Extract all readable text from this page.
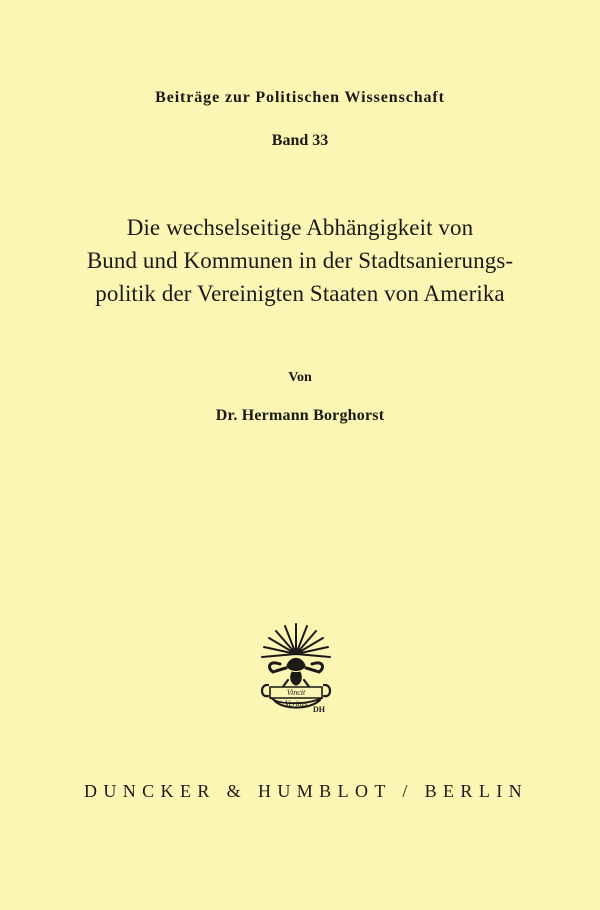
Beiträge zur Politischen Wissenschaft
Band 33
Die wechselseitige Abhängigkeit von
Bund und Kommunen in der Stadtsanierungs-
politik der Vereinigten Staaten von Amerika
Von
Dr. Hermann Borghorst
Vincit
Veritas
DH
DUNCKER & HUMBLOT / BERLIN
